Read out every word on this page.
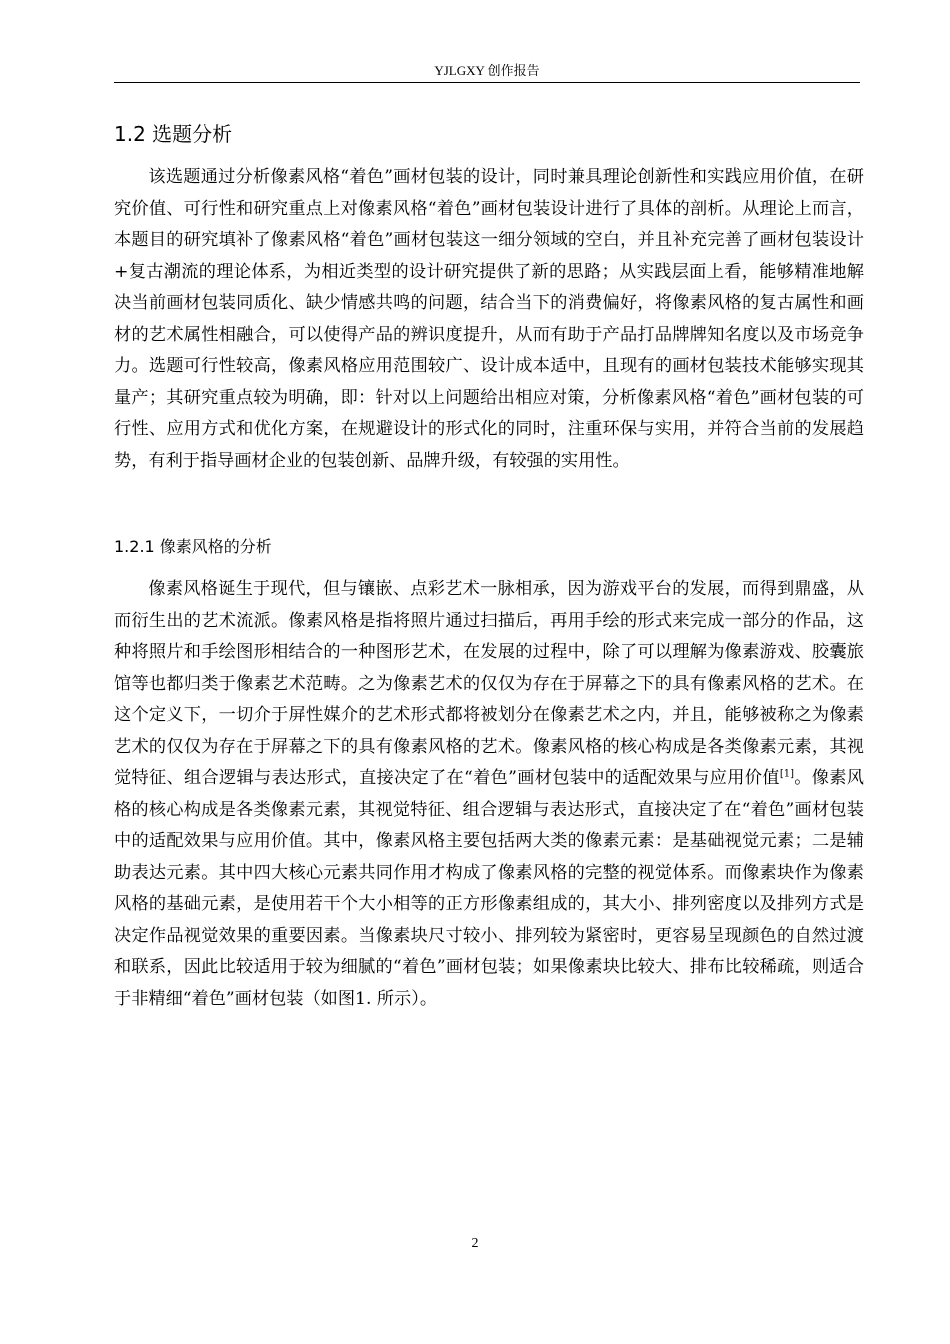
YJLGXY 创作报告
1.2 选题分析

该选题通过分析像素风格“着色”画材包装的设计，同时兼具理论创新性和实践应用价值，在研究价值、可行性和研究重点上对像素风格“着色”画材包装设计进行了具体的剖析。从理论上而言，本题目的研究填补了像素风格“着色”画材包装这一细分领域的空白，并且补充完善了画材包装设计+复古潮流的理论体系，为相近类型的设计研究提供了新的思路；从实践层面上看，能够精准地解决当前画材包装同质化、缺少情感共鸣的问题，结合当下的消费偏好，将像素风格的复古属性和画材的艺术属性相融合，可以使得产品的辨识度提升，从而有助于产品打品牌牌知名度以及市场竞争力。选题可行性较高，像素风格应用范围较广、设计成本适中，且现有的画材包装技术能够实现其量产；其研究重点较为明确，即：针对以上问题给出相应对策，分析像素风格“着色”画材包装的可行性、应用方式和优化方案，在规避设计的形式化的同时，注重环保与实用，并符合当前的发展趋势，有利于指导画材企业的包装创新、品牌升级，有较强的实用性。

1.2.1 像素风格的分析

像素风格诞生于现代，但与镶嵌、点彩艺术一脉相承，因为游戏平台的发展，而得到鼎盛，从而衍生出的艺术流派。像素风格是指将照片通过扫描后，再用手绘的形式来完成一部分的作品，这种将照片和手绘图形相结合的一种图形艺术，在发展的过程中，除了可以理解为像素游戏、胶囊旅馆等也都归类于像素艺术范畴。之为像素艺术的仅仅为存在于屏幕之下的具有像素风格的艺术。在这个定义下，一切介于屏性媒介的艺术形式都将被划分在像素艺术之内，并且，能够被称之为像素艺术的仅仅为存在于屏幕之下的具有像素风格的艺术。像素风格的核心构成是各类像素元素，其视觉特征、组合逻辑与表达形式，直接决定了在“着色”画材包装中的适配效果与应用价值[1]。像素风格的核心构成是各类像素元素，其视觉特征、组合逻辑与表达形式，直接决定了在“着色”画材包装中的适配效果与应用价值。其中，像素风格主要包括两大类的像素元素：是基础视觉元素；二是辅助表达元素。其中四大核心元素共同作用才构成了像素风格的完整的视觉体系。而像素块作为像素风格的基础元素，是使用若干个大小相等的正方形像素组成的，其大小、排列密度以及排列方式是决定作品视觉效果的重要因素。当像素块尺寸较小、排列较为紧密时，更容易呈现颜色的自然过渡和联系，因此比较适用于较为细腻的“着色”画材包装；如果像素块比较大、排布比较稀疏，则适合于非精细“着色”画材包装（如图1. 所示）。

2
